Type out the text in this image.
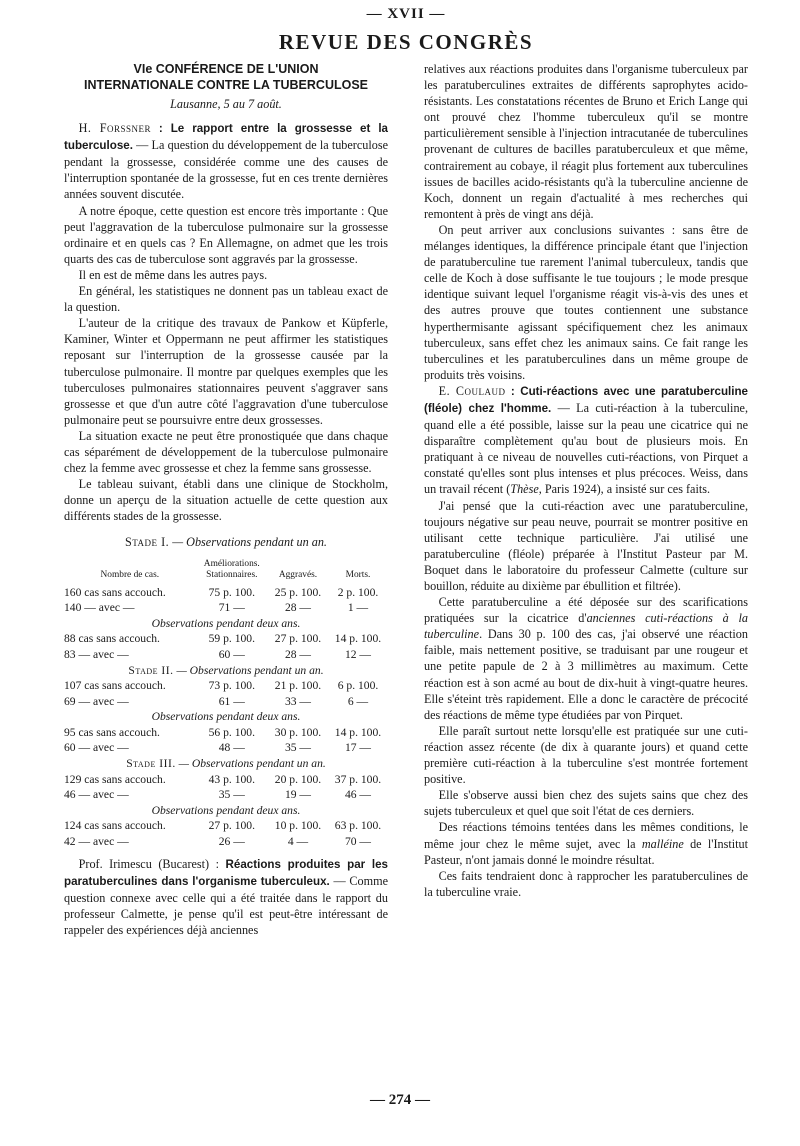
— XVII —
REVUE DES CONGRÈS
VIe CONFÉRENCE DE L'UNION
INTERNATIONALE CONTRE LA TUBERCULOSE
Lausanne, 5 au 7 août.

H. Forssner : Le rapport entre la grossesse et la tuberculose. — La question du développement de la tuberculose pendant la grossesse, considérée comme une des causes de l'interruption spontanée de la grossesse, fut en ces trente dernières années souvent discutée.

A notre époque, cette question est encore très importante : Que peut l'aggravation de la tuberculose pulmonaire sur la grossesse ordinaire et en quels cas ? En Allemagne, on admet que les trois quarts des cas de tuberculose sont aggravés par la grossesse.

Il en est de même dans les autres pays.

En général, les statistiques ne donnent pas un tableau exact de la question.

L'auteur de la critique des travaux de Pankow et Küpferle, Kaminer, Winter et Oppermann ne peut affirmer les statistiques reposant sur l'interruption de la grossesse causée par la tuberculose pulmonaire. Il montre par quelques exemples que les tuberculoses pulmonaires stationnaires peuvent s'aggraver sans grossesse et que d'un autre côté l'aggravation d'une tuberculose pulmonaire peut se poursuivre entre deux grossesses.

La situation exacte ne peut être pronostiquée que dans chaque cas séparément de développement de la tuberculose pulmonaire chez la femme avec grossesse et chez la femme sans grossesse.

Le tableau suivant, établi dans une clinique de Stockholm, donne un aperçu de la situation actuelle de cette question aux différents stades de la grossesse.

Stade I. — Observations pendant un an.
	Améliorations.		
Nombre de cas.	Stationnaires.	Aggravés.	Morts.
160 cas sans accouch.	75 p. 100.	25 p. 100.	2 p. 100.
140 — avec —	71 —	28 —	1 —
Observations pendant deux ans.			
88 cas sans accouch.	59 p. 100.	27 p. 100.	14 p. 100.
83 — avec —	60 —	28 —	12 —
Stade II. — Observations pendant un an.			
107 cas sans accouch.	73 p. 100.	21 p. 100.	6 p. 100.
69 — avec —	61 —	33 —	6 —
Observations pendant deux ans.			
95 cas sans accouch.	56 p. 100.	30 p. 100.	14 p. 100.
60 — avec —	48 —	35 —	17 —
Stade III. — Observations pendant un an.			
129 cas sans accouch.	43 p. 100.	20 p. 100.	37 p. 100.
46 — avec —	35 —	19 —	46 —
Observations pendant deux ans.			
124 cas sans accouch.	27 p. 100.	10 p. 100.	63 p. 100.
42 — avec —	26 —	4 —	70 —

Prof. Irimescu (Bucarest) : Réactions produites par les paratuberculines dans l'organisme tuberculeux. — Comme question connexe avec celle qui a été traitée dans le rapport du professeur Calmette, je pense qu'il est peut-être intéressant de rappeler des expériences déjà anciennes

relatives aux réactions produites dans l'organisme tuberculeux par les paratuberculines extraites de différents saprophytes acido-résistants. Les constatations récentes de Bruno et Erich Lange qui ont prouvé chez l'homme tuberculeux qu'il se montre particulièrement sensible à l'injection intracutanée de tuberculines provenant de cultures de bacilles paratuberculeux et que même, contrairement au cobaye, il réagit plus fortement aux tuberculines issues de bacilles acido-résistants qu'à la tuberculine ancienne de Koch, donnent un regain d'actualité à mes recherches qui remontent à près de vingt ans déjà.

On peut arriver aux conclusions suivantes : sans être de mélanges identiques, la différence principale étant que l'injection de paratuberculine tue rarement l'animal tuberculeux, tandis que celle de Koch à dose suffisante le tue toujours ; le mode presque identique suivant lequel l'organisme réagit vis-à-vis des unes et des autres prouve que toutes contiennent une substance hyperthermisante agissant spécifiquement chez les animaux tuberculeux, sans effet chez les animaux sains. Ce fait range les tuberculines et les paratuberculines dans un même groupe de produits très voisins.

E. Coulaud : Cuti-réactions avec une paratuberculine (fléole) chez l'homme. — La cuti-réaction à la tuberculine, quand elle a été possible, laisse sur la peau une cicatrice qui ne disparaître complètement qu'au bout de plusieurs mois. En pratiquant à ce niveau de nouvelles cuti-réactions, von Pirquet a constaté qu'elles sont plus intenses et plus précoces. Weiss, dans un travail récent (Thèse, Paris 1924), a insisté sur ces faits.

J'ai pensé que la cuti-réaction avec une paratuberculine, toujours négative sur peau neuve, pourrait se montrer positive en utilisant cette technique particulière. J'ai utilisé une paratuberculine (fléole) préparée à l'Institut Pasteur par M. Boquet dans le laboratoire du professeur Calmette (culture sur bouillon, réduite au dixième par ébullition et filtrée).

Cette paratuberculine a été déposée sur des scarifications pratiquées sur la cicatrice d'anciennes cuti-réactions à la tuberculine. Dans 30 p. 100 des cas, j'ai observé une réaction faible, mais nettement positive, se traduisant par une rougeur et une petite papule de 2 à 3 millimètres au maximum. Cette réaction est à son acmé au bout de dix-huit à vingt-quatre heures. Elle s'éteint très rapidement. Elle a donc le caractère de précocité des réactions de même type étudiées par von Pirquet.

Elle paraît surtout nette lorsqu'elle est pratiquée sur une cuti-réaction assez récente (de dix à quarante jours) et quand cette première cuti-réaction à la tuberculine s'est montrée fortement positive.

Elle s'observe aussi bien chez des sujets sains que chez des sujets tuberculeux et quel que soit l'état de ces derniers.

Des réactions témoins tentées dans les mêmes conditions, le même jour chez le même sujet, avec la malléine de l'Institut Pasteur, n'ont jamais donné le moindre résultat.

Ces faits tendraient donc à rapprocher les paratuberculines de la tuberculine vraie.

— 274 —
